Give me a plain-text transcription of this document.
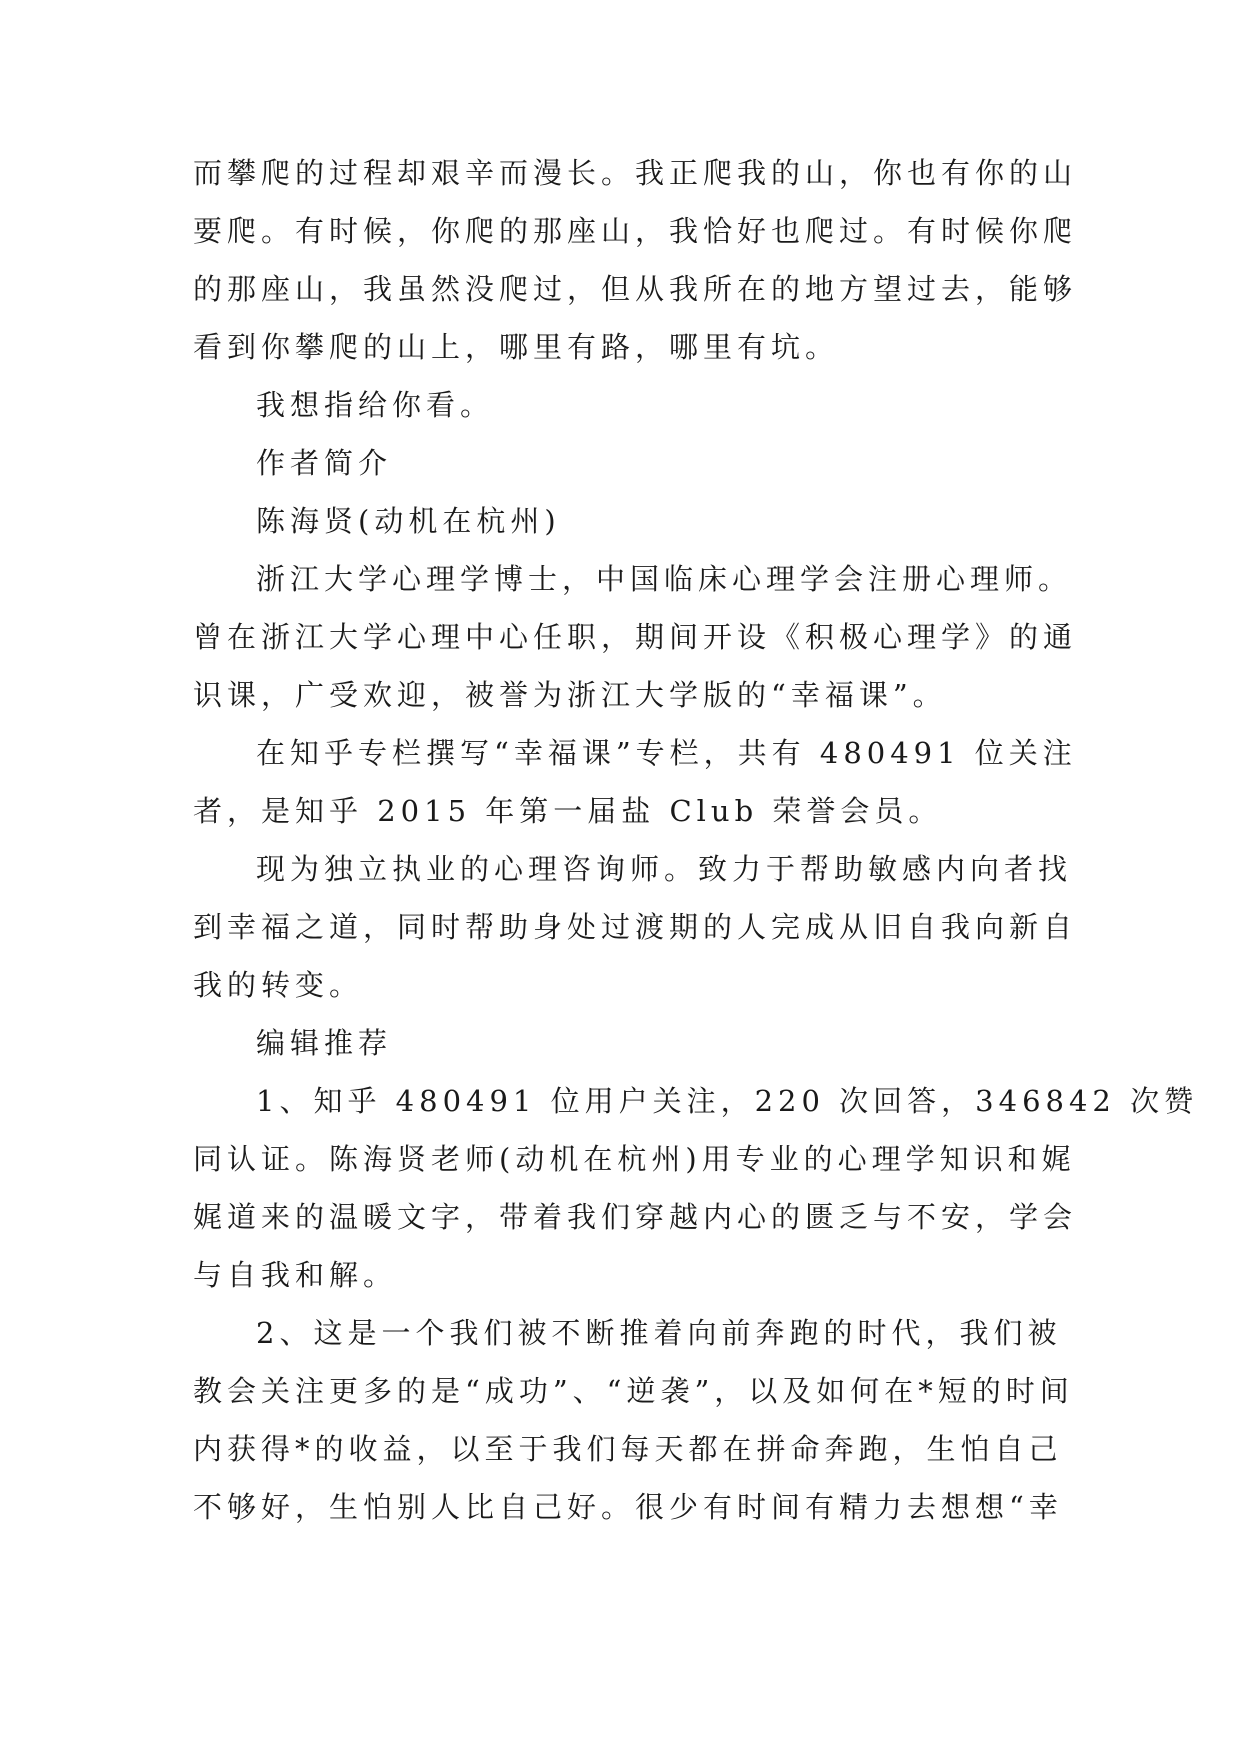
而攀爬的过程却艰辛而漫长。我正爬我的山，你也有你的山

要爬。有时候，你爬的那座山，我恰好也爬过。有时候你爬

的那座山，我虽然没爬过，但从我所在的地方望过去，能够

看到你攀爬的山上，哪里有路，哪里有坑。

我想指给你看。

作者简介

陈海贤(动机在杭州)

浙江大学心理学博士，中国临床心理学会注册心理师。

曾在浙江大学心理中心任职，期间开设《积极心理学》的通

识课，广受欢迎，被誉为浙江大学版的“幸福课”。

在知乎专栏撰写“幸福课”专栏，共有 480491 位关注

者，是知乎 2015 年第一届盐 Club 荣誉会员。

现为独立执业的心理咨询师。致力于帮助敏感内向者找

到幸福之道，同时帮助身处过渡期的人完成从旧自我向新自

我的转变。

编辑推荐

1、知乎 480491 位用户关注，220 次回答，346842 次赞

同认证。陈海贤老师(动机在杭州)用专业的心理学知识和娓

娓道来的温暖文字，带着我们穿越内心的匮乏与不安，学会

与自我和解。

2、这是一个我们被不断推着向前奔跑的时代，我们被

教会关注更多的是“成功”、“逆袭”，以及如何在*短的时间

内获得*的收益，以至于我们每天都在拼命奔跑，生怕自己

不够好，生怕别人比自己好。很少有时间有精力去想想“幸
